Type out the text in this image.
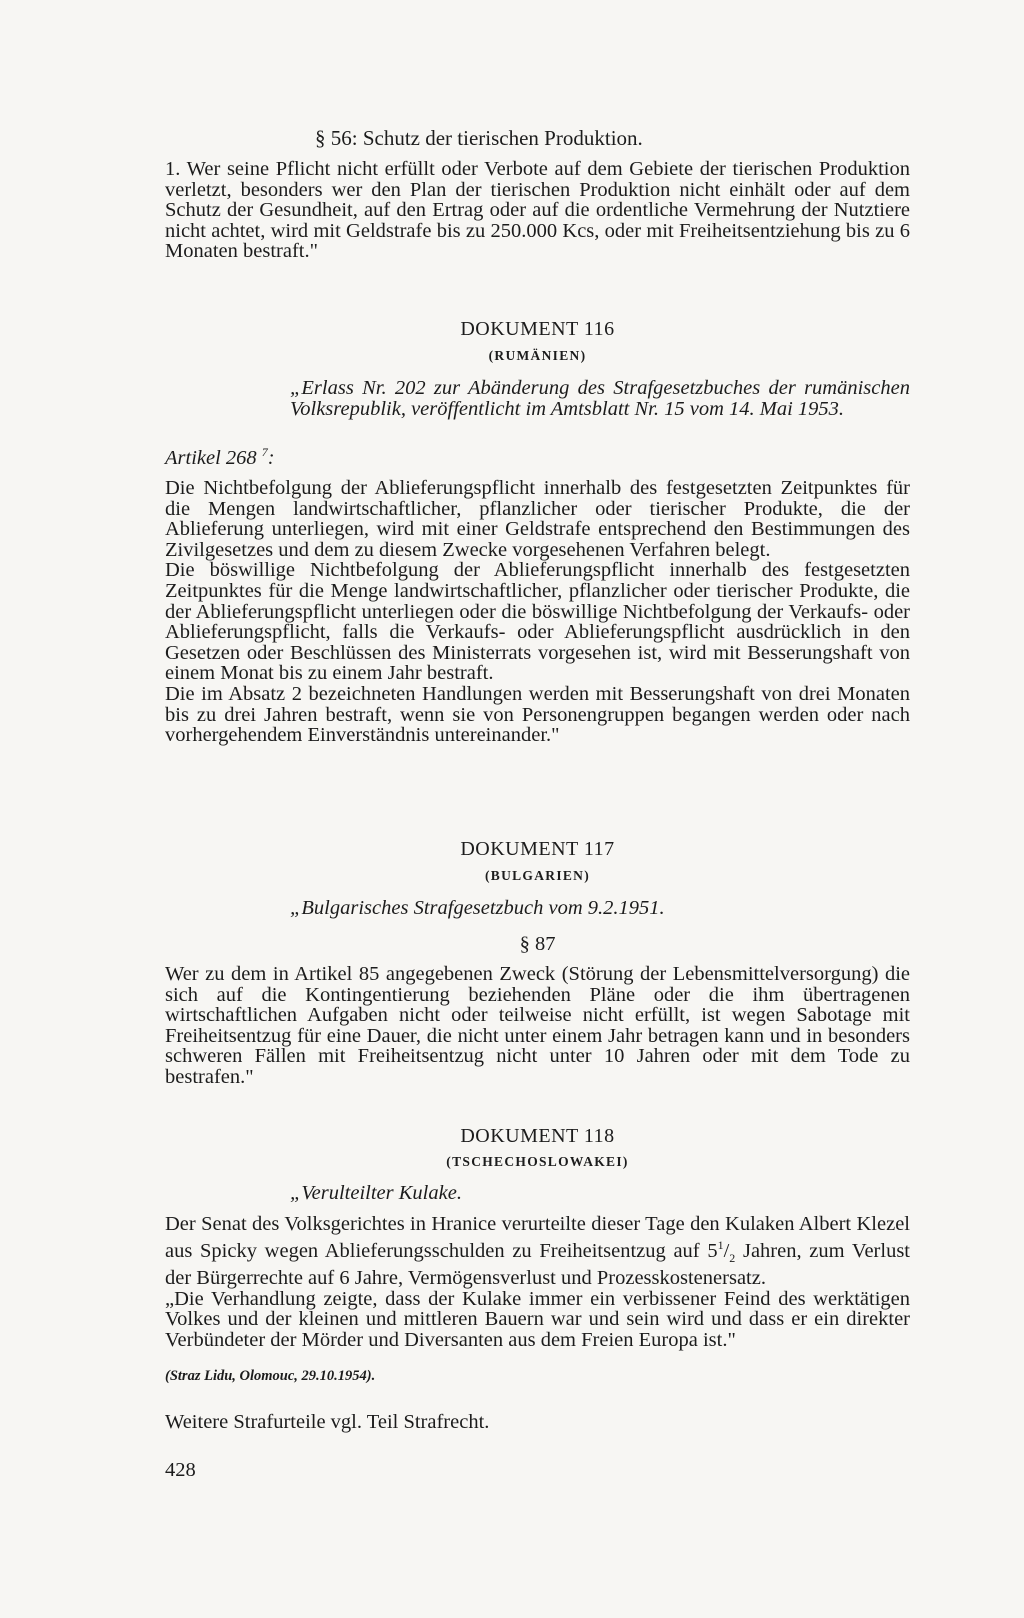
§ 56: Schutz der tierischen Produktion.

1. Wer seine Pflicht nicht erfüllt oder Verbote auf dem Gebiete der tierischen Produktion verletzt, besonders wer den Plan der tierischen Produktion nicht einhält oder auf dem Schutz der Gesundheit, auf den Ertrag oder auf die ordentliche Vermehrung der Nutztiere nicht achtet, wird mit Geldstrafe bis zu 250.000 Kcs, oder mit Freiheitsentziehung bis zu 6 Monaten bestraft."

DOKUMENT 116

(RUMÄNIEN)

„Erlass Nr. 202 zur Abänderung des Strafgesetzbuches der rumänischen Volksrepublik, veröffentlicht im Amtsblatt Nr. 15 vom 14. Mai 1953.

Artikel 268 $^7$:

Die Nichtbefolgung der Ablieferungspflicht innerhalb des festgesetzten Zeitpunktes für die Mengen landwirtschaftlicher, pflanzlicher oder tierischer Produkte, die der Ablieferung unterliegen, wird mit einer Geldstrafe entsprechend den Bestimmungen des Zivilgesetzes und dem zu diesem Zwecke vorgesehenen Verfahren belegt.

Die böswillige Nichtbefolgung der Ablieferungspflicht innerhalb des festgesetzten Zeitpunktes für die Menge landwirtschaftlicher, pflanzlicher oder tierischer Produkte, die der Ablieferungspflicht unterliegen oder die böswillige Nichtbefolgung der Verkaufs- oder Ablieferungspflicht, falls die Verkaufs- oder Ablieferungspflicht ausdrücklich in den Gesetzen oder Beschlüssen des Ministerrats vorgesehen ist, wird mit Besserungshaft von einem Monat bis zu einem Jahr bestraft.

Die im Absatz 2 bezeichneten Handlungen werden mit Besserungshaft von drei Monaten bis zu drei Jahren bestraft, wenn sie von Personengruppen begangen werden oder nach vorhergehendem Einverständnis untereinander."

DOKUMENT 117

(BULGARIEN)

„Bulgarisches Strafgesetzbuch vom 9.2.1951.

§ 87

Wer zu dem in Artikel 85 angegebenen Zweck (Störung der Lebensmittelversorgung) die sich auf die Kontingentierung beziehenden Pläne oder die ihm übertragenen wirtschaftlichen Aufgaben nicht oder teilweise nicht erfüllt, ist wegen Sabotage mit Freiheitsentzug für eine Dauer, die nicht unter einem Jahr betragen kann und in besonders schweren Fällen mit Freiheitsentzug nicht unter 10 Jahren oder mit dem Tode zu bestrafen."

DOKUMENT 118

(TSCHECHOSLOWAKEI)

„Verulteilter Kulake.

Der Senat des Volksgerichtes in Hranice verurteilte dieser Tage den Kulaken Albert Klezel aus Spicky wegen Ablieferungsschulden zu Freiheitsentzug auf $5^1/_2$ Jahren, zum Verlust der Bürgerrechte auf 6 Jahre, Vermögensverlust und Prozesskostenersatz.

„Die Verhandlung zeigte, dass der Kulake immer ein verbissener Feind des werktätigen Volkes und der kleinen und mittleren Bauern war und sein wird und dass er ein direkter Verbündeter der Mörder und Diversanten aus dem Freien Europa ist."

(Straz Lidu, Olomouc, 29.10.1954).

Weitere Strafurteile vgl. Teil Strafrecht.

428
